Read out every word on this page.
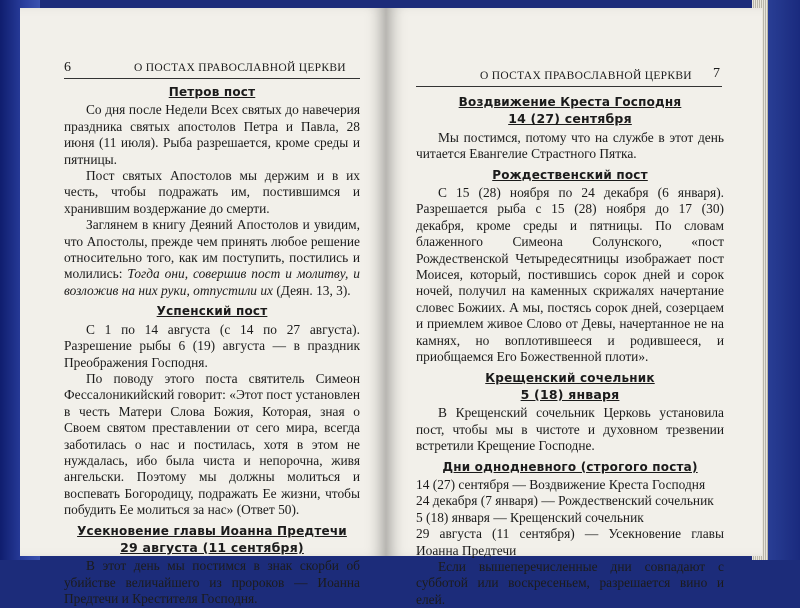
6	О ПОСТАХ ПРАВОСЛАВНОЙ ЦЕРКВИ
Петров пост

Со дня после Недели Всех святых до навечерия праздника святых апостолов Петра и Павла, 28 июня (11 июля). Рыба разрешается, кроме среды и пятницы.

Пост святых Апостолов мы держим и в их честь, чтобы подражать им, постившимся и хранившим воздержание до смерти.

Заглянем в книгу Деяний Апостолов и увидим, что Апостолы, прежде чем принять любое решение относительно того, как им поступить, постились и молились: Тогда они, совершив пост и молитву, и возложив на них руки, отпустили их (Деян. 13, 3).

Успенский пост

С 1 по 14 августа (с 14 по 27 августа). Разрешение рыбы 6 (19) августа — в праздник Преображения Господня.

По поводу этого поста святитель Симеон Фессалоникийский говорит: «Этот пост установлен в честь Матери Слова Божия, Которая, зная о Своем святом преставлении от сего мира, всегда заботилась о нас и постилась, хотя в этом не нуждалась, ибо была чиста и непорочна, живя ангельски. Поэтому мы должны молиться и воспевать Богородицу, подражать Ее жизни, чтобы побудить Ее молиться за нас» (Ответ 50).

Усекновение главы Иоанна Предтечи
29 августа (11 сентября)

В этот день мы постимся в знак скорби об убийстве величайшего из пророков — Иоанна Предтечи и Крестителя Господня.

О ПОСТАХ ПРАВОСЛАВНОЙ ЦЕРКВИ 7
Воздвижение Креста Господня
14 (27) сентября

Мы постимся, потому что на службе в этот день читается Евангелие Страстного Пятка.

Рождественский пост

С 15 (28) ноября по 24 декабря (6 января). Разрешается рыба с 15 (28) ноября до 17 (30) декабря, кроме среды и пятницы. По словам блаженного Симеона Солунского, «пост Рождественской Четыредесятницы изображает пост Моисея, который, постившись сорок дней и сорок ночей, получил на каменных скрижалях начертание словес Божиих. А мы, постясь сорок дней, созерцаем и приемлем живое Слово от Девы, начертанное не на камнях, но воплотившееся и родившееся, и приобщаемся Его Божественной плоти».

Крещенский сочельник
5 (18) января

В Крещенский сочельник Церковь установила пост, чтобы мы в чистоте и духовном трезвении встретили Крещение Господне.

Дни однодневного (строгого поста)

14 (27) сентября — Воздвижение Креста Господня

24 декабря (7 января) — Рождественский сочельник

5 (18) января — Крещенский сочельник

29 августа (11 сентября) — Усекновение главы Иоанна Предтечи

Если вышеперечисленные дни совпадают с субботой или воскресеньем, разрешается вино и елей.
